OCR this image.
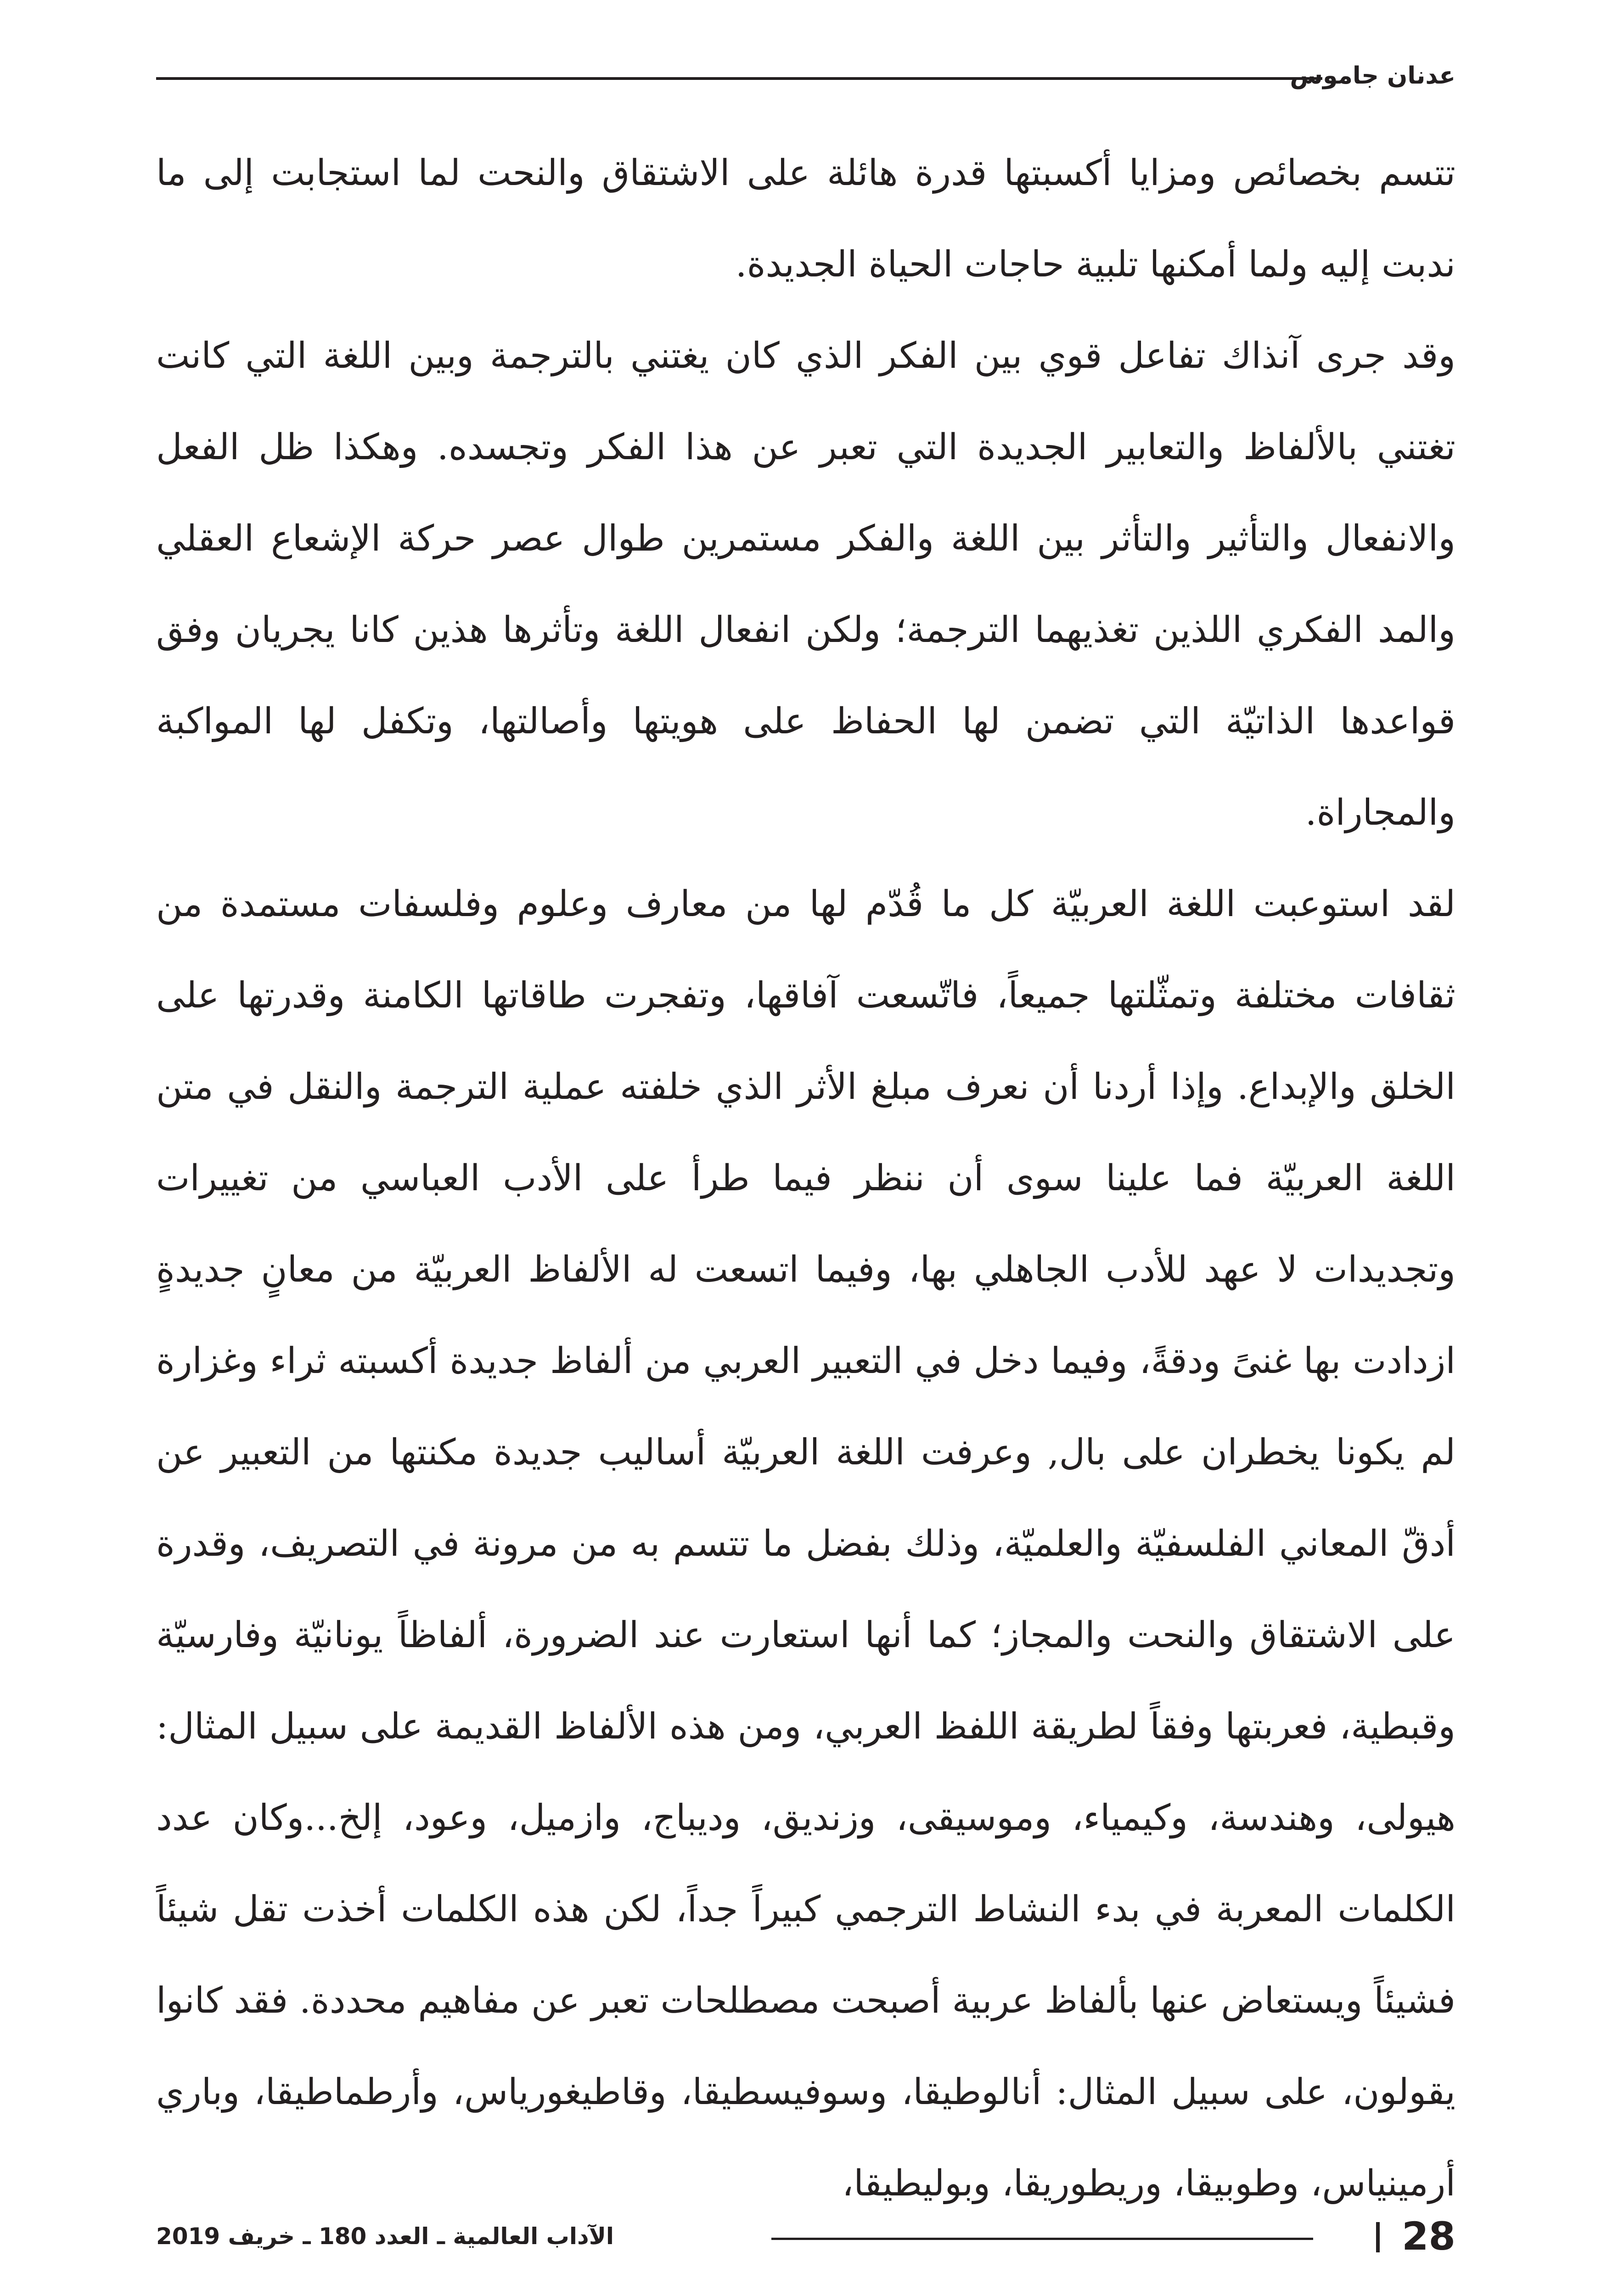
عدنان جاموس

تتسم بخصائص ومزايا أكسبتها قدرة هائلة على الاشتقاق والنحت لما استجابت إلى ما ندبت إليه ولما أمكنها تلبية حاجات الحياة الجديدة.

وقد جرى آنذاك تفاعل قوي بين الفكر الذي كان يغتني بالترجمة وبين اللغة التي كانت تغتني بالألفاظ والتعابير الجديدة التي تعبر عن هذا الفكر وتجسده. وهكذا ظل الفعل والانفعال والتأثير والتأثر بين اللغة والفكر مستمرين طوال عصر حركة الإشعاع العقلي والمد الفكري اللذين تغذيهما الترجمة؛ ولكن انفعال اللغة وتأثرها هذين كانا يجريان وفق قواعدها الذاتيّة التي تضمن لها الحفاظ على هويتها وأصالتها، وتكفل لها المواكبة والمجاراة.

لقد استوعبت اللغة العربيّة كل ما قُدّم لها من معارف وعلوم وفلسفات مستمدة من ثقافات مختلفة وتمثّلتها جميعاً، فاتّسعت آفاقها، وتفجرت طاقاتها الكامنة وقدرتها على الخلق والإبداع. وإذا أردنا أن نعرف مبلغ الأثر الذي خلفته عملية الترجمة والنقل في متن اللغة العربيّة فما علينا سوى أن ننظر فيما طرأ على الأدب العباسي من تغييرات وتجديدات لا عهد للأدب الجاهلي بها، وفيما اتسعت له الألفاظ العربيّة من معانٍ جديدةٍ ازدادت بها غنىً ودقةً، وفيما دخل في التعبير العربي من ألفاظ جديدة أكسبته ثراء وغزارة لم يكونا يخطران على بال, وعرفت اللغة العربيّة أساليب جديدة مكنتها من التعبير عن أدقّ المعاني الفلسفيّة والعلميّة، وذلك بفضل ما تتسم به من مرونة في التصريف، وقدرة على الاشتقاق والنحت والمجاز؛ كما أنها استعارت عند الضرورة، ألفاظاً يونانيّة وفارسيّة وقبطية، فعربتها وفقاً لطريقة اللفظ العربي، ومن هذه الألفاظ القديمة على سبيل المثال: هيولى، وهندسة، وكيمياء، وموسيقى، وزنديق، وديباج، وازميل، وعود، إلخ...وكان عدد الكلمات المعربة في بدء النشاط الترجمي كبيراً جداً، لكن هذه الكلمات أخذت تقل شيئاً فشيئاً ويستعاض عنها بألفاظ عربية أصبحت مصطلحات تعبر عن مفاهيم محددة. فقد كانوا يقولون، على سبيل المثال: أنالوطيقا، وسوفيسطيقا، وقاطيغورياس، وأرطماطيقا، وباري أرمينياس، وطوبيقا، وريطوريقا، وبوليطيقا،

28
الآداب العالمية ـ العدد 180 ـ خريف 2019
